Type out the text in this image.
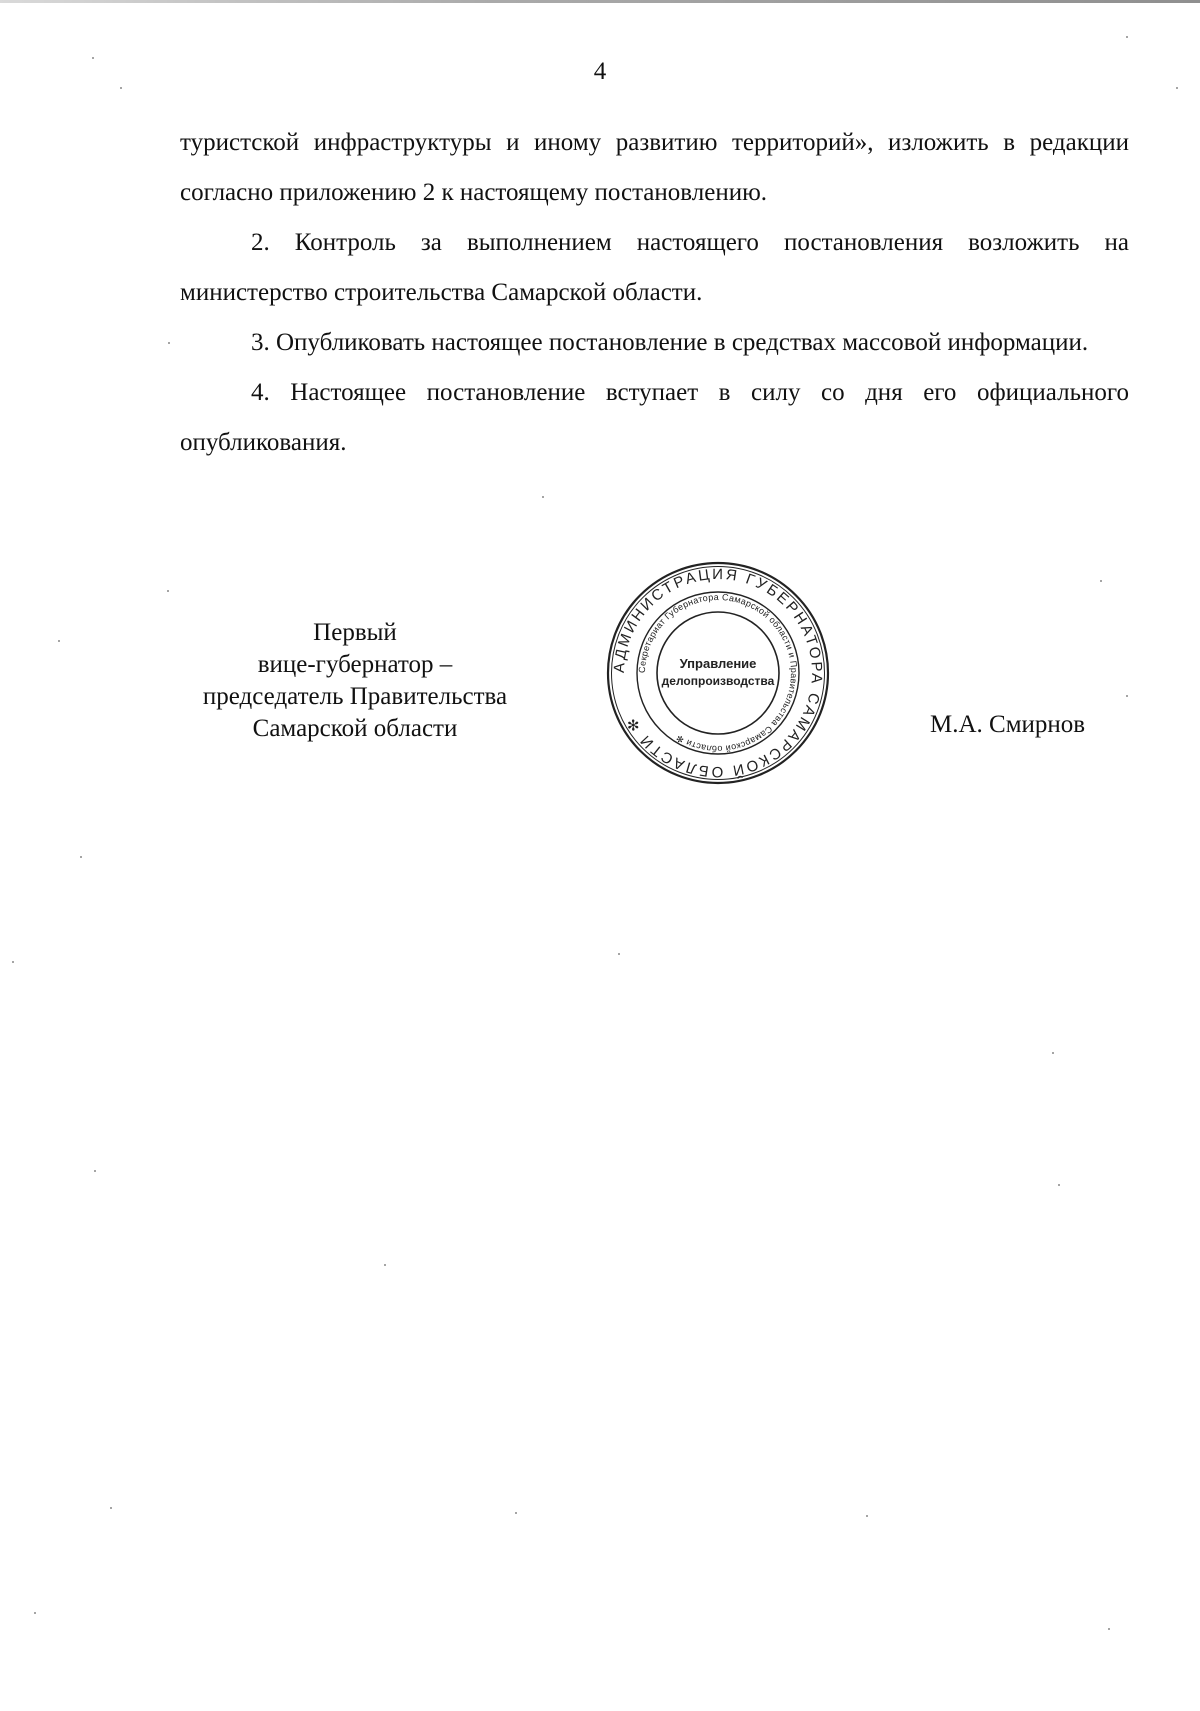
4

туристской инфраструктуры и иному развитию территорий», изложить в редакции согласно приложению 2 к настоящему постановлению.

2. Контроль за выполнением настоящего постановления возложить на министерство строительства Самарской области.

3. Опубликовать настоящее постановление в средствах массовой информации.

4. Настоящее постановление вступает в силу со дня его официального опубликования.

Первый
вице-губернатор –
председатель Правительства
Самарской области
АДМИНИСТРАЦИЯ ГУБЕРНАТОРА САМАРСКОЙ ОБЛАСТИ ✻
Секретариат Губернатора Самарской области и Правительства Самарской области ✻
Управление
делопроизводства
М.А. Смирнов
